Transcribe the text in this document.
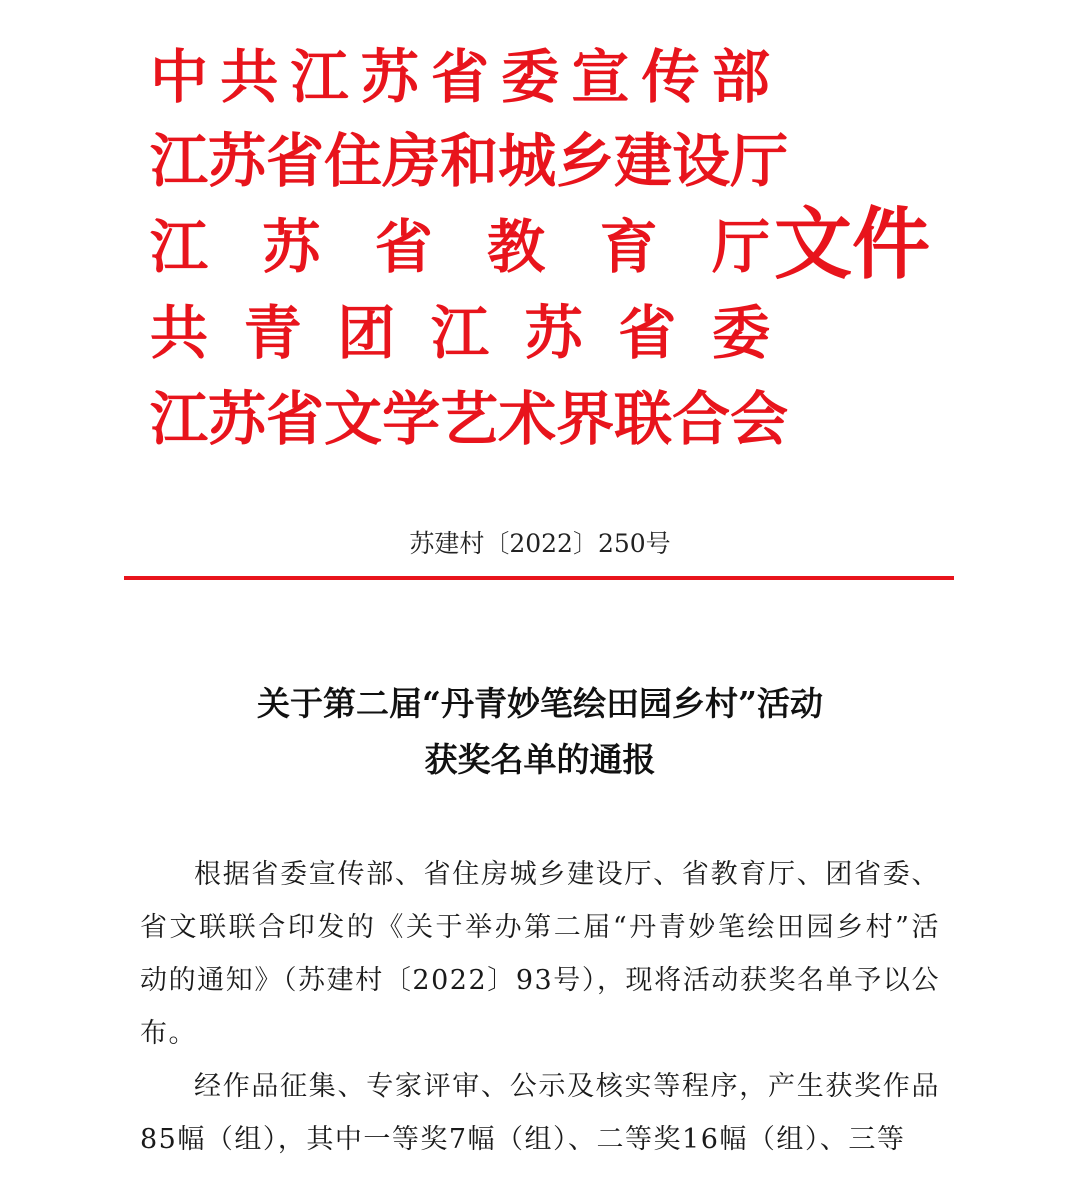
中 共 江 苏 省 委 宣 传 部
江 苏 省 住 房 和 城 乡 建 设 厅
江 苏 省 教 育 厅
共 青 团 江 苏 省 委
江 苏 省 文 学 艺 术 界 联 合 会
文件
苏建村〔2022〕250号
关于第二届“丹青妙笔绘田园乡村”活动
获奖名单的通报

根据省委宣传部、省住房城乡建设厅、省教育厅、团省委、省文联联合印发的《关于举办第二届“丹青妙笔绘田园乡村”活动的通知》（苏建村〔2022〕93号），现将活动获奖名单予以公布。

经作品征集、专家评审、公示及核实等程序，产生获奖作品85幅（组），其中一等奖7幅（组）、二等奖16幅（组）、三等
